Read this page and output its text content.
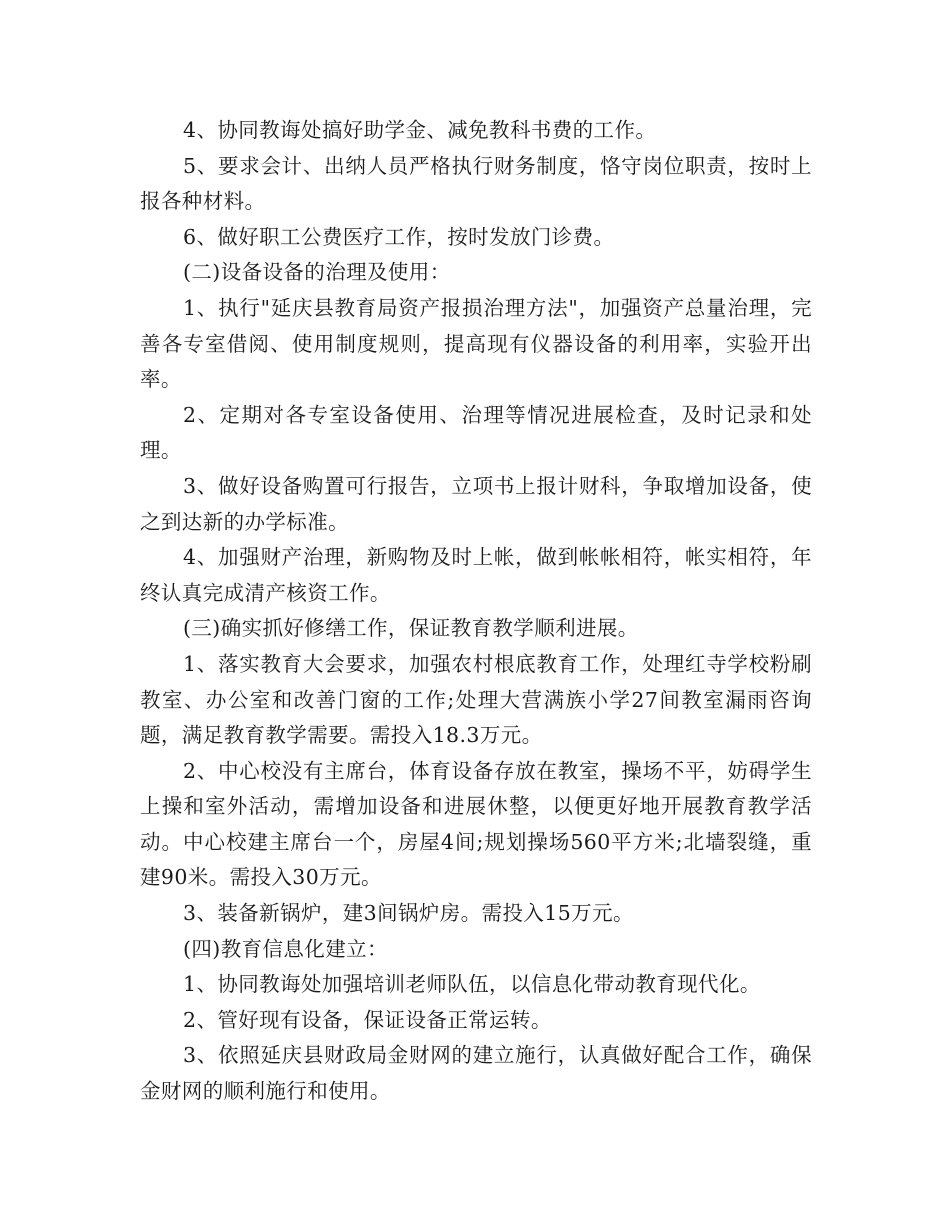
4、协同教诲处搞好助学金、减免教科书费的工作。

5、要求会计、出纳人员严格执行财务制度，恪守岗位职责，按时上报各种材料。

6、做好职工公费医疗工作，按时发放门诊费。

(二)设备设备的治理及使用：

1、执行"延庆县教育局资产报损治理方法"，加强资产总量治理，完善各专室借阅、使用制度规则，提高现有仪器设备的利用率，实验开出率。

2、定期对各专室设备使用、治理等情况进展检查，及时记录和处理。

3、做好设备购置可行报告，立项书上报计财科，争取增加设备，使之到达新的办学标准。

4、加强财产治理，新购物及时上帐，做到帐帐相符，帐实相符，年终认真完成清产核资工作。

(三)确实抓好修缮工作，保证教育教学顺利进展。

1、落实教育大会要求，加强农村根底教育工作，处理红寺学校粉刷教室、办公室和改善门窗的工作;处理大营满族小学27间教室漏雨咨询题，满足教育教学需要。需投入18.3万元。

2、中心校没有主席台，体育设备存放在教室，操场不平，妨碍学生上操和室外活动，需增加设备和进展休整，以便更好地开展教育教学活动。中心校建主席台一个，房屋4间;规划操场560平方米;北墙裂缝，重建90米。需投入30万元。

3、装备新锅炉，建3间锅炉房。需投入15万元。

(四)教育信息化建立：

1、协同教诲处加强培训老师队伍，以信息化带动教育现代化。

2、管好现有设备，保证设备正常运转。

3、依照延庆县财政局金财网的建立施行，认真做好配合工作，确保金财网的顺利施行和使用。
